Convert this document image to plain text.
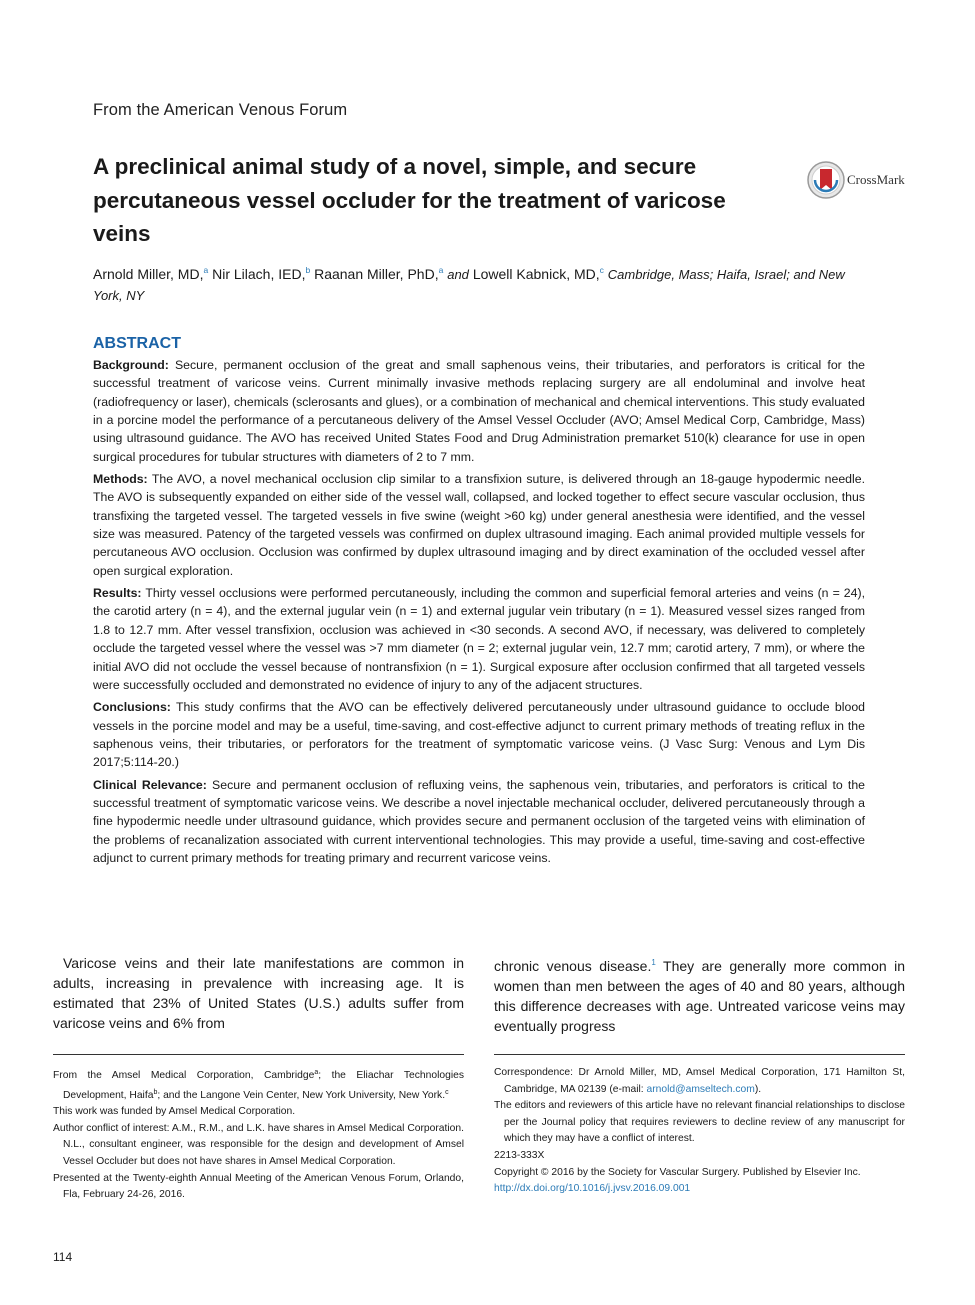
From the American Venous Forum
A preclinical animal study of a novel, simple, and secure percutaneous vessel occluder for the treatment of varicose veins
CrossMark
Arnold Miller, MD,$^a$ Nir Lilach, IED,$^b$ Raanan Miller, PhD,$^a$ and Lowell Kabnick, MD,$^c$ Cambridge, Mass; Haifa, Israel; and New York, NY
ABSTRACT

Background: Secure, permanent occlusion of the great and small saphenous veins, their tributaries, and perforators is critical for the successful treatment of varicose veins. Current minimally invasive methods replacing surgery are all endoluminal and involve heat (radiofrequency or laser), chemicals (sclerosants and glues), or a combination of mechanical and chemical interventions. This study evaluated in a porcine model the performance of a percutaneous delivery of the Amsel Vessel Occluder (AVO; Amsel Medical Corp, Cambridge, Mass) using ultrasound guidance. The AVO has received United States Food and Drug Administration premarket 510(k) clearance for use in open surgical procedures for tubular structures with diameters of 2 to 7 mm.

Methods: The AVO, a novel mechanical occlusion clip similar to a transfixion suture, is delivered through an 18-gauge hypodermic needle. The AVO is subsequently expanded on either side of the vessel wall, collapsed, and locked together to effect secure vascular occlusion, thus transfixing the targeted vessel. The targeted vessels in five swine (weight >60 kg) under general anesthesia were identified, and the vessel size was measured. Patency of the targeted vessels was confirmed on duplex ultrasound imaging. Each animal provided multiple vessels for percutaneous AVO occlusion. Occlusion was confirmed by duplex ultrasound imaging and by direct examination of the occluded vessel after open surgical exploration.

Results: Thirty vessel occlusions were performed percutaneously, including the common and superficial femoral arteries and veins (n = 24), the carotid artery (n = 4), and the external jugular vein (n = 1) and external jugular vein tributary (n = 1). Measured vessel sizes ranged from 1.8 to 12.7 mm. After vessel transfixion, occlusion was achieved in <30 seconds. A second AVO, if necessary, was delivered to completely occlude the targeted vessel where the vessel was >7 mm diameter (n = 2; external jugular vein, 12.7 mm; carotid artery, 7 mm), or where the initial AVO did not occlude the vessel because of nontransfixion (n = 1). Surgical exposure after occlusion confirmed that all targeted vessels were successfully occluded and demonstrated no evidence of injury to any of the adjacent structures.

Conclusions: This study confirms that the AVO can be effectively delivered percutaneously under ultrasound guidance to occlude blood vessels in the porcine model and may be a useful, time-saving, and cost-effective adjunct to current primary methods of treating reflux in the saphenous veins, their tributaries, or perforators for the treatment of symptomatic varicose veins. (J Vasc Surg: Venous and Lym Dis 2017;5:114-20.)

Clinical Relevance: Secure and permanent occlusion of refluxing veins, the saphenous vein, tributaries, and perforators is critical to the successful treatment of symptomatic varicose veins. We describe a novel injectable mechanical occluder, delivered percutaneously through a fine hypodermic needle under ultrasound guidance, which provides secure and permanent occlusion of the targeted veins with elimination of the problems of recanalization associated with current interventional technologies. This may provide a useful, time-saving and cost-effective adjunct to current primary methods for treating primary and recurrent varicose veins.

Varicose veins and their late manifestations are common in adults, increasing in prevalence with increasing age. It is estimated that 23% of United States (U.S.) adults suffer from varicose veins and 6% from

chronic venous disease.$^1$ They are generally more common in women than men between the ages of 40 and 80 years, although this difference decreases with age. Untreated varicose veins may eventually progress

From the Amsel Medical Corporation, Cambridge$^a$; the Eliachar Technologies Development, Haifa$^b$; and the Langone Vein Center, New York University, New York.$^c$

This work was funded by Amsel Medical Corporation.

Author conflict of interest: A.M., R.M., and L.K. have shares in Amsel Medical Corporation. N.L., consultant engineer, was responsible for the design and development of Amsel Vessel Occluder but does not have shares in Amsel Medical Corporation.

Presented at the Twenty-eighth Annual Meeting of the American Venous Forum, Orlando, Fla, February 24-26, 2016.

Correspondence: Dr Arnold Miller, MD, Amsel Medical Corporation, 171 Hamilton St, Cambridge, MA 02139 (e-mail: arnold@amseltech.com).

The editors and reviewers of this article have no relevant financial relationships to disclose per the Journal policy that requires reviewers to decline review of any manuscript for which they may have a conflict of interest.

2213-333X

Copyright © 2016 by the Society for Vascular Surgery. Published by Elsevier Inc.

http://dx.doi.org/10.1016/j.jvsv.2016.09.001

114
